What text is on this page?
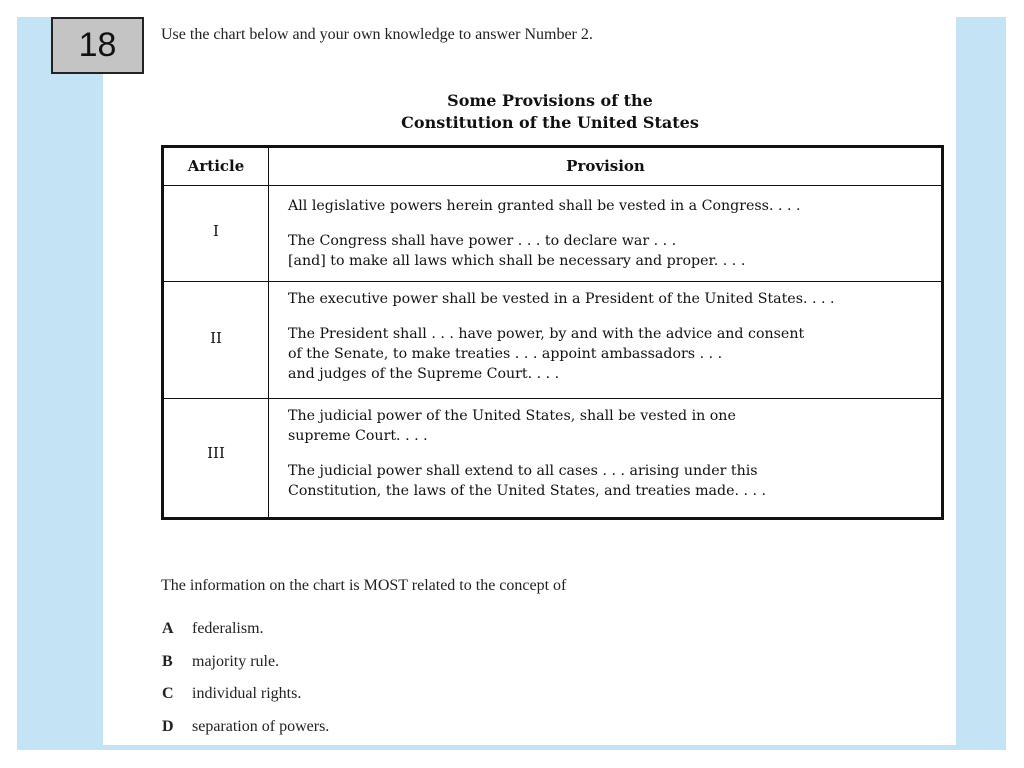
18	Use the chart below and your own knowledge to answer Number 2.
Some Provisions of the
Constitution of the United States
Article	Provision
I
All legislative powers herein granted shall be vested in a Congress. . . .
The Congress shall have power . . . to declare war . . .
[and] to make all laws which shall be necessary and proper. . . .
II
The executive power shall be vested in a President of the United States. . . .
The President shall . . . have power, by and with the advice and consent
of the Senate, to make treaties . . . appoint ambassadors . . .
and judges of the Supreme Court. . . .
III
The judicial power of the United States, shall be vested in one
supreme Court. . . .
The judicial power shall extend to all cases . . . arising under this
Constitution, the laws of the United States, and treaties made. . . .
The information on the chart is MOST related to the concept of
A federalism.
B majority rule.
C individual rights.
D separation of powers.
